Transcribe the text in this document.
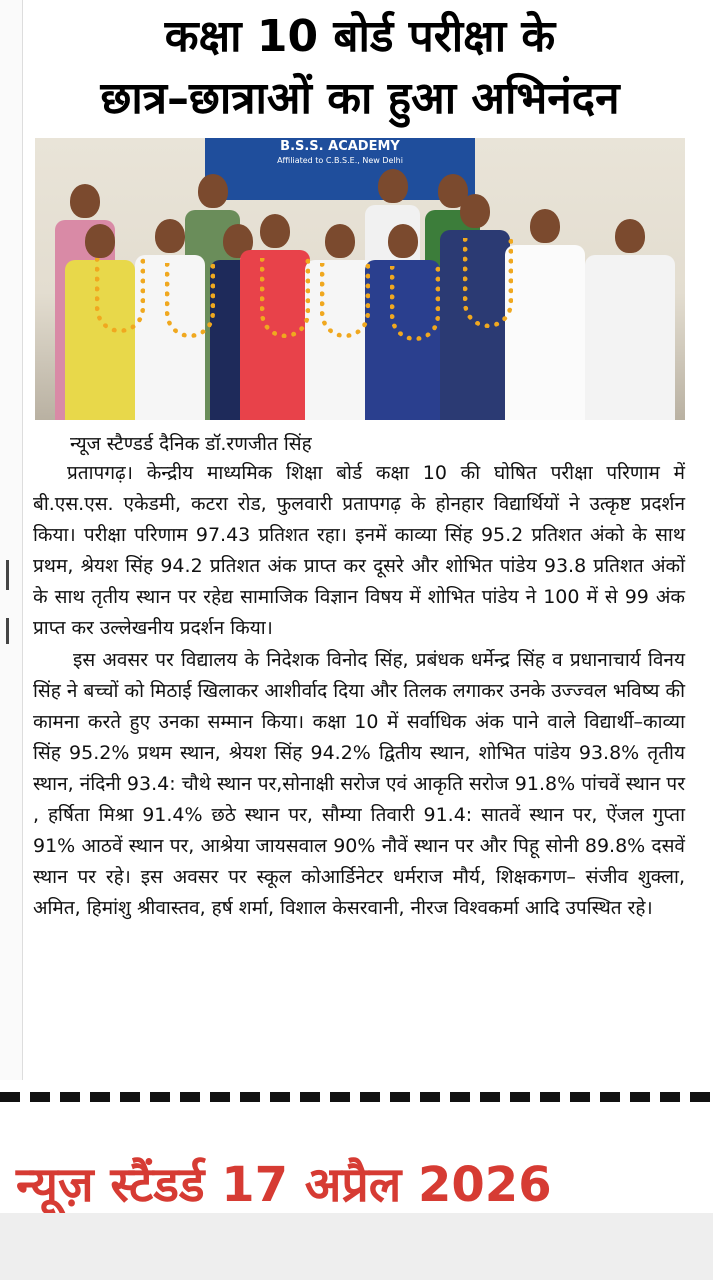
कक्षा 10 बोर्ड परीक्षा के
छात्र–छात्राओं का हुआ अभिनंदन
B.S.S. ACADEMY
Affiliated to C.B.S.E., New Delhi
न्यूज स्टैण्डर्ड दैनिक डॉ.रणजीत सिंह

प्रतापगढ़। केन्द्रीय माध्यमिक शिक्षा बोर्ड कक्षा 10 की घोषित परीक्षा परिणाम में बी.एस.एस. एकेडमी, कटरा रोड, फुलवारी प्रतापगढ़ के होनहार विद्यार्थियों ने उत्कृष्ट प्रदर्शन किया। परीक्षा परिणाम 97.43 प्रतिशत रहा। इनमें काव्या सिंह 95.2 प्रतिशत अंको के साथ प्रथम, श्रेयश सिंह 94.2 प्रतिशत अंक प्राप्त कर दूसरे और शोभित पांडेय 93.8 प्रतिशत अंकों के साथ तृतीय स्थान पर रहेद्य सामाजिक विज्ञान विषय में शोभित पांडेय ने 100 में से 99 अंक प्राप्त कर उल्लेखनीय प्रदर्शन किया।

इस अवसर पर विद्यालय के निदेशक विनोद सिंह, प्रबंधक धर्मेन्द्र सिंह व प्रधानाचार्य विनय सिंह ने बच्चों को मिठाई खिलाकर आशीर्वाद दिया और तिलक लगाकर उनके उज्ज्वल भविष्य की कामना करते हुए उनका सम्मान किया। कक्षा 10 में सर्वाधिक अंक पाने वाले विद्यार्थी–काव्या सिंह 95.2% प्रथम स्थान, श्रेयश सिंह 94.2% द्वितीय स्थान, शोभित पांडेय 93.8% तृतीय स्थान, नंदिनी 93.4: चौथे स्थान पर,सोनाक्षी सरोज एवं आकृति सरोज 91.8% पांचवें स्थान पर , हर्षिता मिश्रा 91.4% छठे स्थान पर, सौम्या तिवारी 91.4: सातवें स्थान पर, ऐंजल गुप्ता 91% आठवें स्थान पर, आश्रेया जायसवाल 90% नौवें स्थान पर और पिहू सोनी 89.8% दसवें स्थान पर रहे। इस अवसर पर स्कूल कोआर्डिनेटर धर्मराज मौर्य, शिक्षकगण– संजीव शुक्ला, अमित, हिमांशु श्रीवास्तव, हर्ष शर्मा, विशाल केसरवानी, नीरज विश्वकर्मा आदि उपस्थित रहे।

न्यूज़ स्टैंडर्ड 17 अप्रैल 2026
